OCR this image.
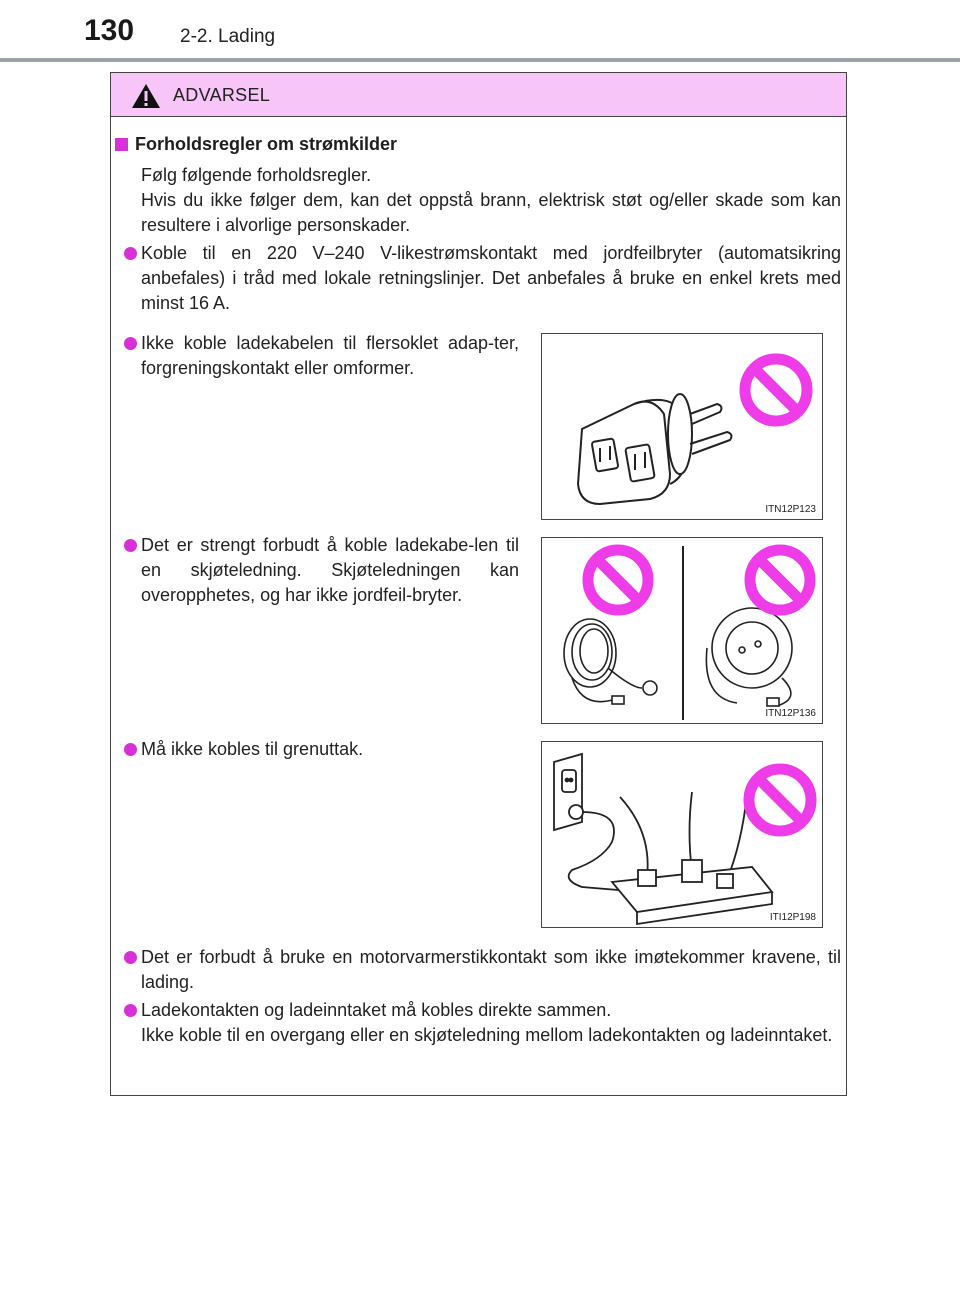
130 2-2. Lading
ADVARSEL
Forholdsregler om strømkilder
Følg følgende forholdsregler.
Hvis du ikke følger dem, kan det oppstå brann, elektrisk støt og/eller skade som kan resultere i alvorlige personskader.
Koble til en 220 V–240 V-likestrømskontakt med jordfeilbryter (automatsikring anbefales) i tråd med lokale retningslinjer. Det anbefales å bruke en enkel krets med minst 16 A.
Ikke koble ladekabelen til flersoklet adap-ter, forgreningskontakt eller omformer.
Det er strengt forbudt å koble ladekabe-len til en skjøteledning. Skjøteledningen kan overopphetes, og har ikke jordfeil-bryter.
Må ikke kobles til grenuttak.
Det er forbudt å bruke en motorvarmerstikkontakt som ikke imøtekommer kravene, til lading.
Ladekontakten og ladeinntaket må kobles direkte sammen.
Ikke koble til en overgang eller en skjøteledning mellom ladekontakten og ladeinntaket.
ITN12P123
ITN12P136
ITI12P198
